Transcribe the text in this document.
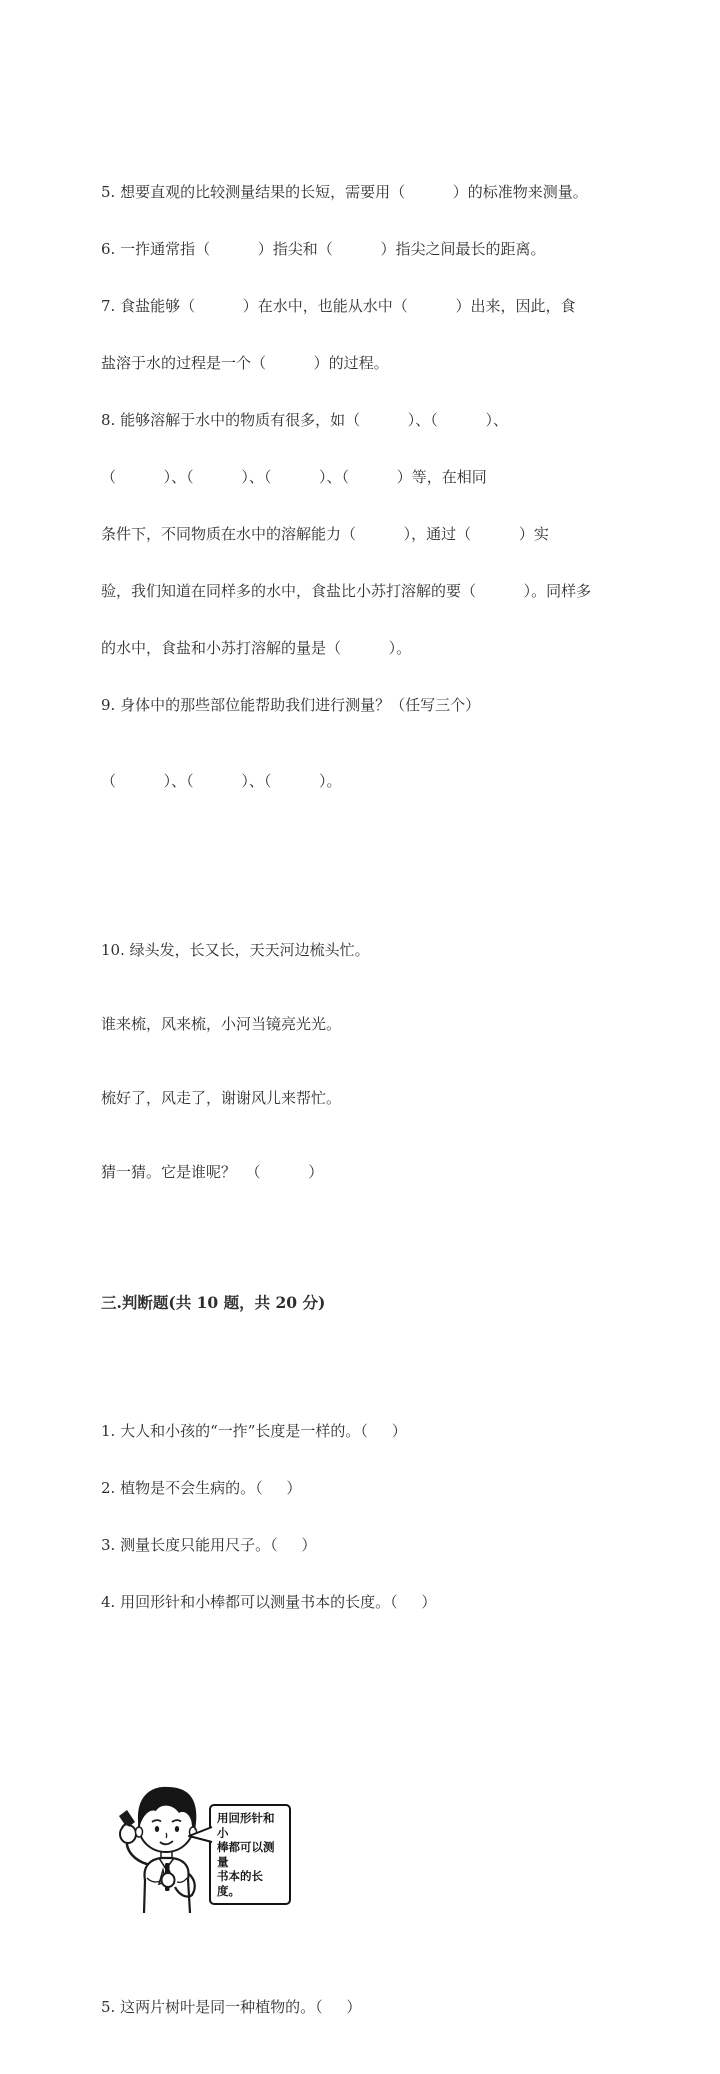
5. 想要直观的比较测量结果的长短，需要用（          ）的标准物来测量。

6. 一拃通常指（          ）指尖和（          ）指尖之间最长的距离。

7. 食盐能够（          ）在水中，也能从水中（          ）出来，因此，食

盐溶于水的过程是一个（          ）的过程。

8. 能够溶解于水中的物质有很多，如（          ）、（          ）、

（          ）、（          ）、（          ）、（          ）等，在相同

条件下，不同物质在水中的溶解能力（          ），通过（          ）实

验，我们知道在同样多的水中，食盐比小苏打溶解的要（          ）。同样多

的水中，食盐和小苏打溶解的量是（          ）。

9. 身体中的那些部位能帮助我们进行测量？（任写三个）

（          ）、（          ）、（          ）。

10. 绿头发，长又长，天天河边梳头忙。

谁来梳，风来梳，小河当镜亮光光。

梳好了，风走了，谢谢风儿来帮忙。

猜一猜。它是谁呢？  （          ）

三.判断题(共 10 题，共 20 分)

1. 大人和小孩的“一拃”长度是一样的。（     ）

2. 植物是不会生病的。（     ）

3. 测量长度只能用尺子。（     ）

4. 用回形针和小棒都可以测量书本的长度。（     ）

用回形针和小
棒都可以测量
书本的长度。

5. 这两片树叶是同一种植物的。（     ）
